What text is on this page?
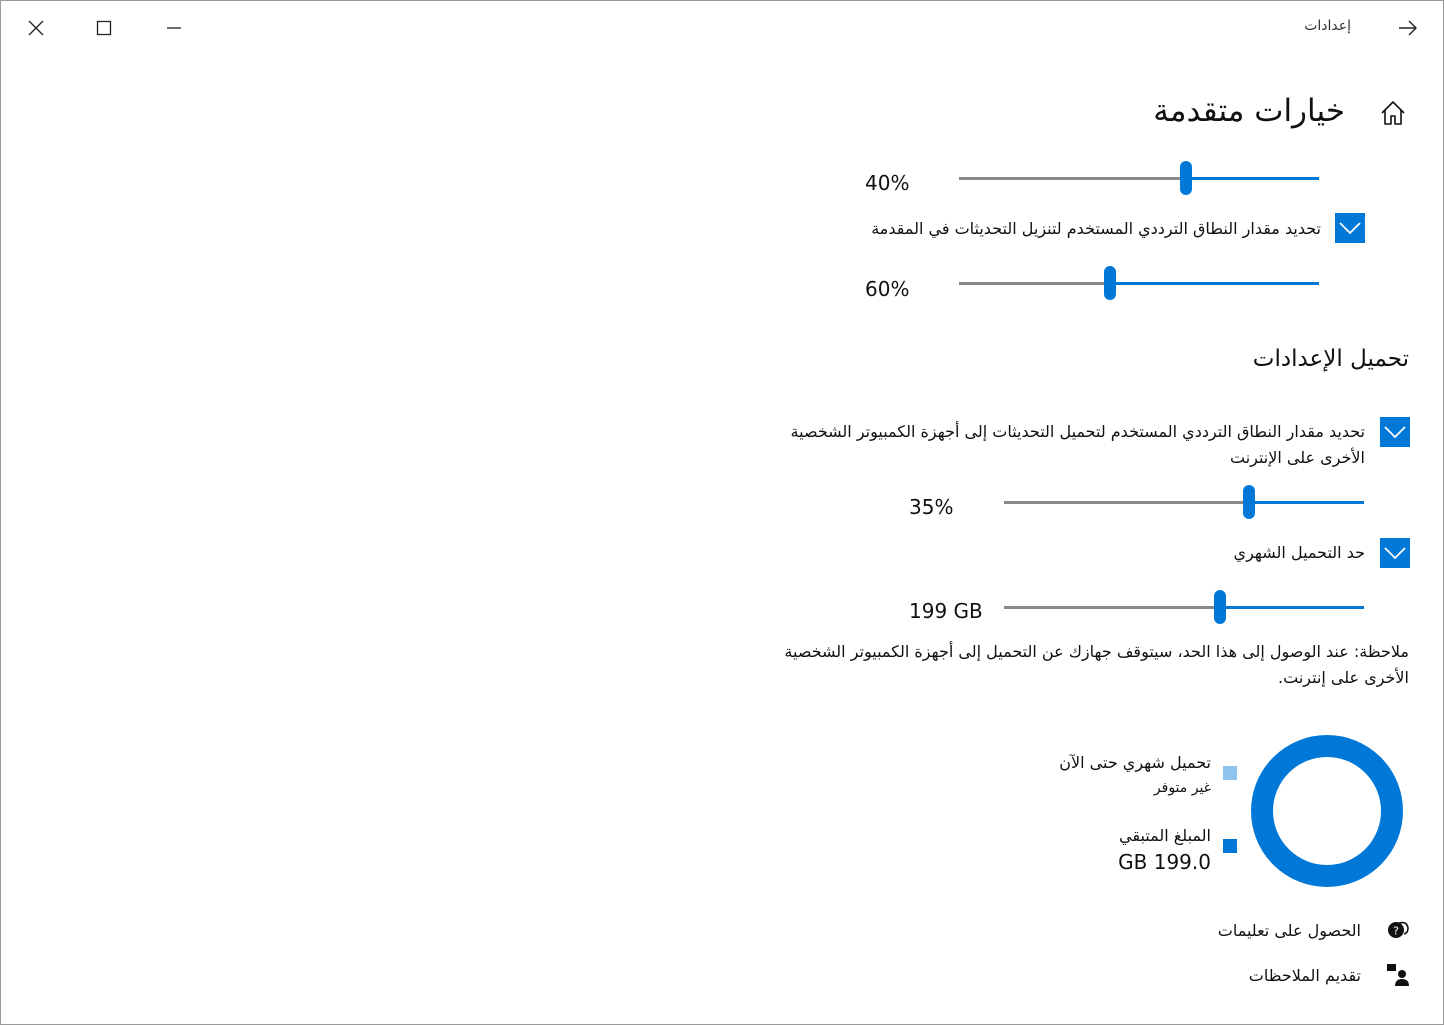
إعدادات
خيارات متقدمة
40%
تحديد مقدار النطاق الترددي المستخدم لتنزيل التحديثات في المقدمة
60%
تحميل الإعدادات
تحديد مقدار النطاق الترددي المستخدم لتحميل التحديثات إلى أجهزة الكمبيوتر الشخصية الأخرى على الإنترنت
35%
حد التحميل الشهري
199 GB
ملاحظة: عند الوصول إلى هذا الحد، سيتوقف جهازك عن التحميل إلى أجهزة الكمبيوتر الشخصية الأخرى على إنترنت.
تحميل شهري حتى الآن
غير متوفر
المبلغ المتبقي
199.0 GB
?
الحصول على تعليمات
تقديم الملاحظات
